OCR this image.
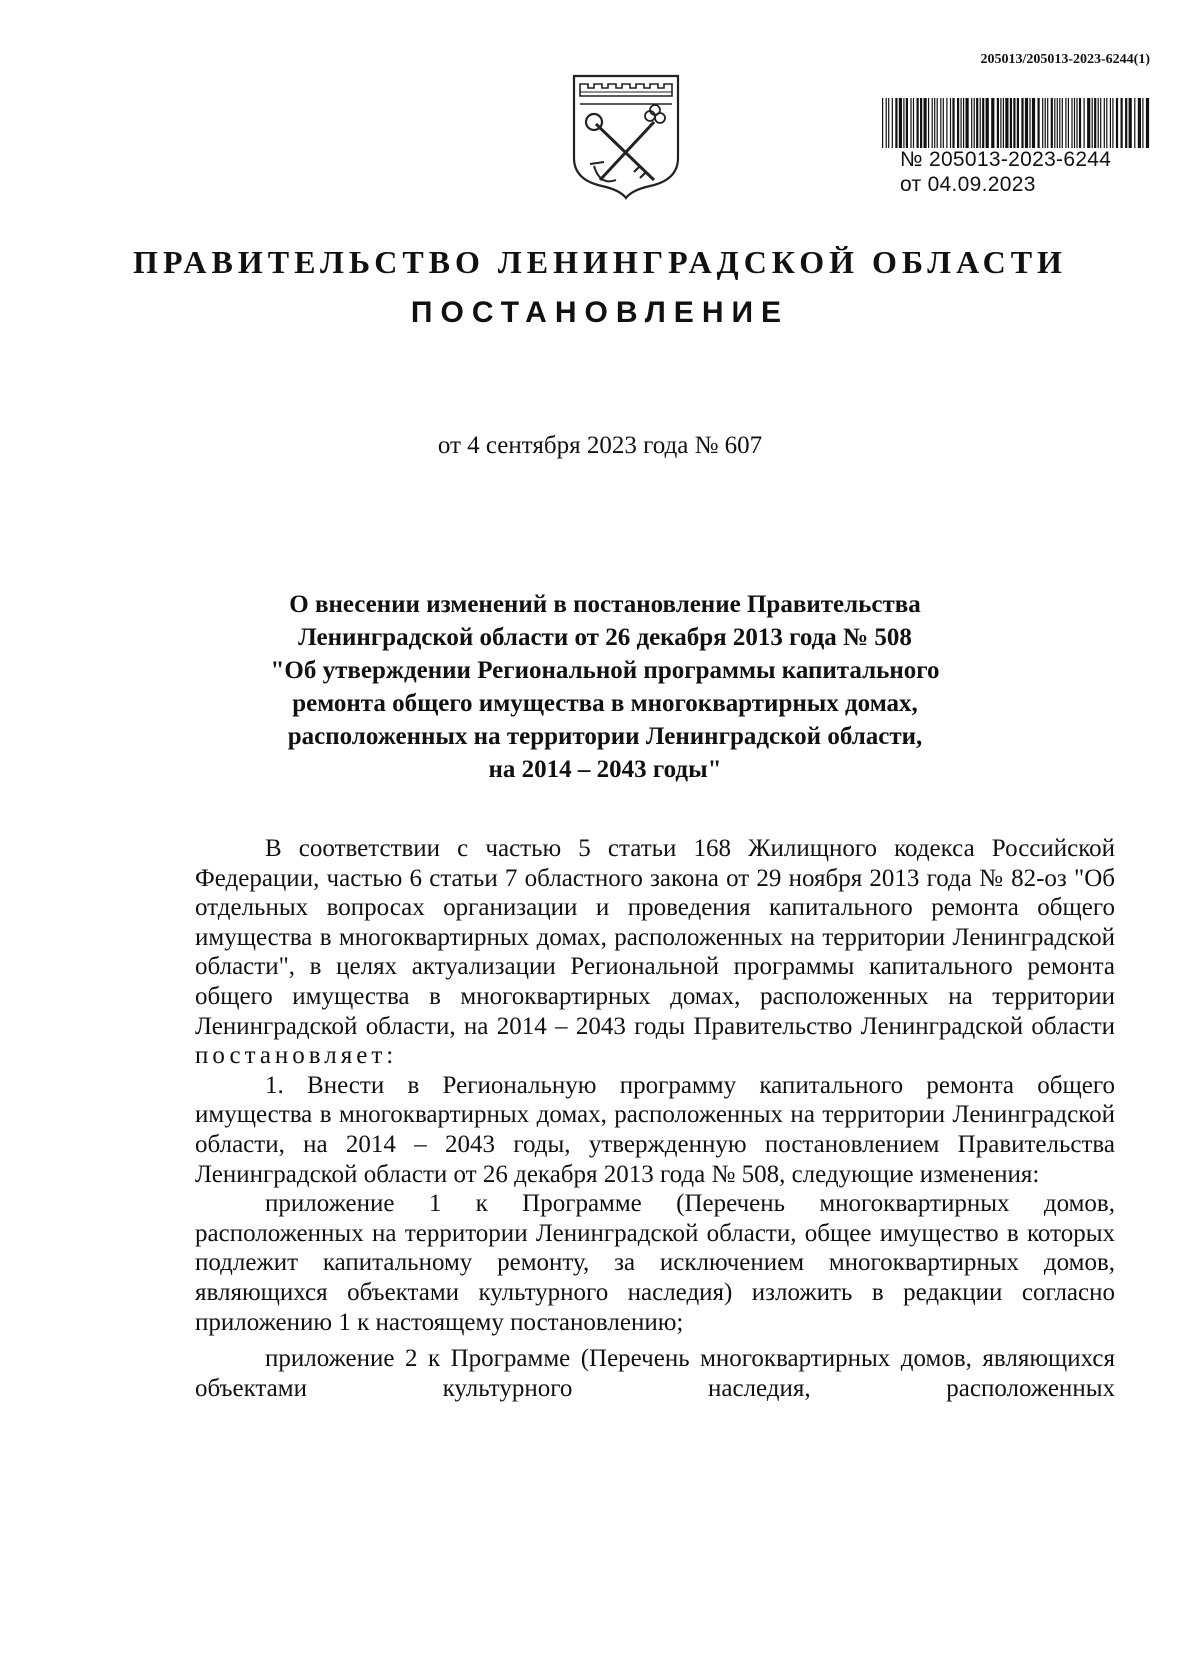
205013/205013-2023-6244(1)
№ 205013-2023-6244
от 04.09.2023
ПРАВИТЕЛЬСТВО ЛЕНИНГРАДСКОЙ ОБЛАСТИ
ПОСТАНОВЛЕНИЕ
от 4 сентября 2023 года № 607
О внесении изменений в постановление Правительства
Ленинградской области от 26 декабря 2013 года № 508
"Об утверждении Региональной программы капитального
ремонта общего имущества в многоквартирных домах,
расположенных на территории Ленинградской области,
на 2014 – 2043 годы"

В соответствии с частью 5 статьи 168 Жилищного кодекса Российской Федерации, частью 6 статьи 7 областного закона от 29 ноября 2013 года № 82-оз "Об отдельных вопросах организации и проведения капитального ремонта общего имущества в многоквартирных домах, расположенных на территории Ленинградской области", в целях актуализации Региональной программы капитального ремонта общего имущества в многоквартирных домах, расположенных на территории Ленинградской области, на 2014 – 2043 годы Правительство Ленинградской области постановляет:

1. Внести в Региональную программу капитального ремонта общего имущества в многоквартирных домах, расположенных на территории Ленинградской области, на 2014 – 2043 годы, утвержденную постановлением Правительства Ленинградской области от 26 декабря 2013 года № 508, следующие изменения:

приложение 1 к Программе (Перечень многоквартирных домов, расположенных на территории Ленинградской области, общее имущество в которых подлежит капитальному ремонту, за исключением многоквартирных домов, являющихся объектами культурного наследия) изложить в редакции согласно приложению 1 к настоящему постановлению;

приложение 2 к Программе (Перечень многоквартирных домов, являющихся объектами культурного наследия, расположенных
